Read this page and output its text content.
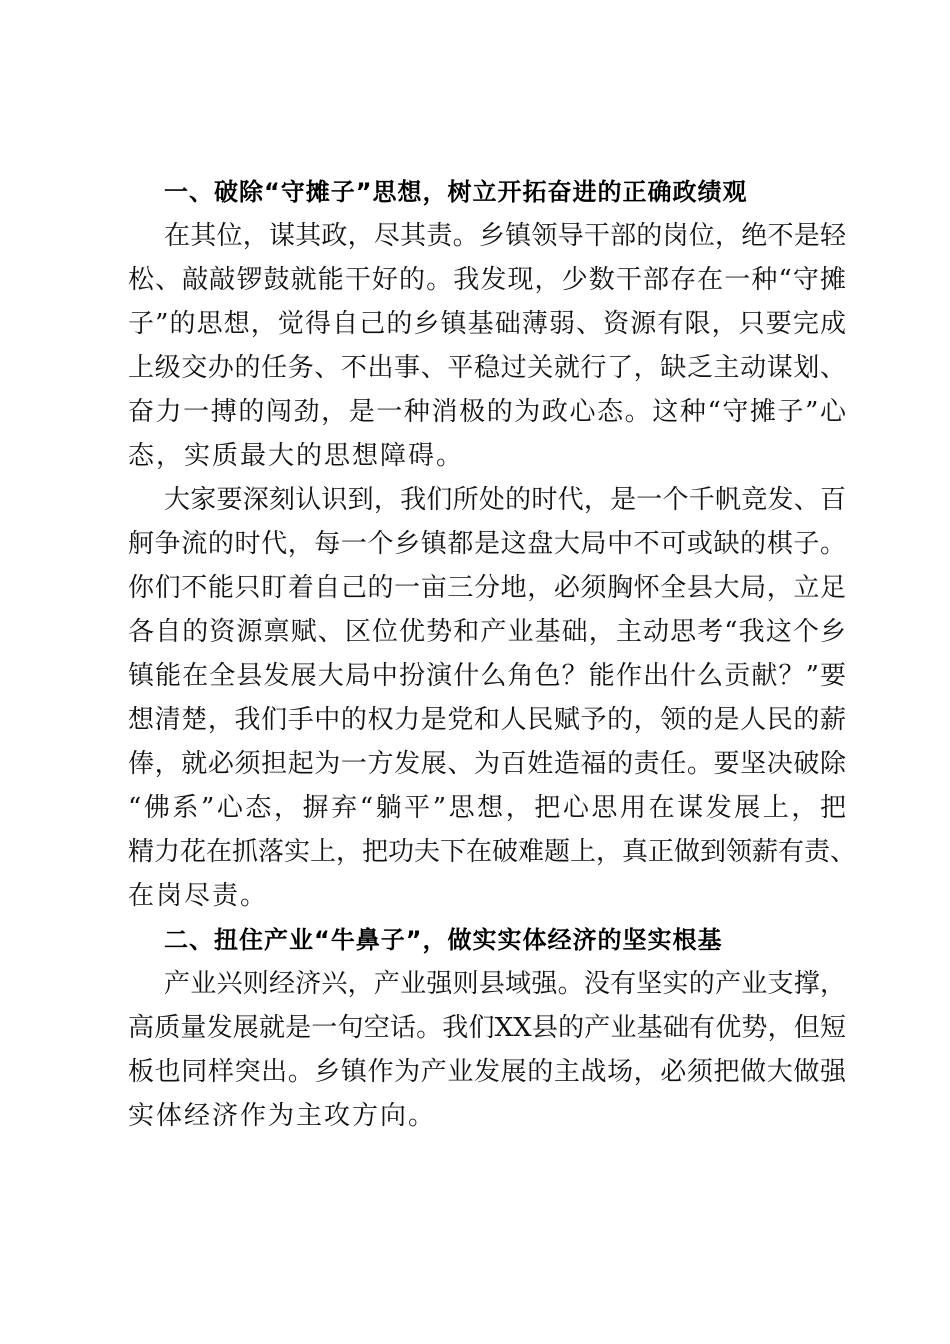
一、破除“守摊子”思想，树立开拓奋进的正确政绩观
在其位，谋其政，尽其责。乡镇领导干部的岗位，绝不是轻
松、敲敲锣鼓就能干好的。我发现，少数干部存在一种“守摊
子”的思想，觉得自己的乡镇基础薄弱、资源有限，只要完成
上级交办的任务、不出事、平稳过关就行了，缺乏主动谋划、
奋力一搏的闯劲，是一种消极的为政心态。这种“守摊子”心
态，实质最大的思想障碍。
大家要深刻认识到，我们所处的时代，是一个千帆竞发、百
舸争流的时代，每一个乡镇都是这盘大局中不可或缺的棋子。
你们不能只盯着自己的一亩三分地，必须胸怀全县大局，立足
各自的资源禀赋、区位优势和产业基础，主动思考“我这个乡
镇能在全县发展大局中扮演什么角色？能作出什么贡献？”要
想清楚，我们手中的权力是党和人民赋予的，领的是人民的薪
俸，就必须担起为一方发展、为百姓造福的责任。要坚决破除
“佛系”心态，摒弃“躺平”思想，把心思用在谋发展上，把
精力花在抓落实上，把功夫下在破难题上，真正做到领薪有责、
在岗尽责。
二、扭住产业“牛鼻子”，做实实体经济的坚实根基
产业兴则经济兴，产业强则县域强。没有坚实的产业支撑，
高质量发展就是一句空话。我们XX县的产业基础有优势，但短
板也同样突出。乡镇作为产业发展的主战场，必须把做大做强
实体经济作为主攻方向。
